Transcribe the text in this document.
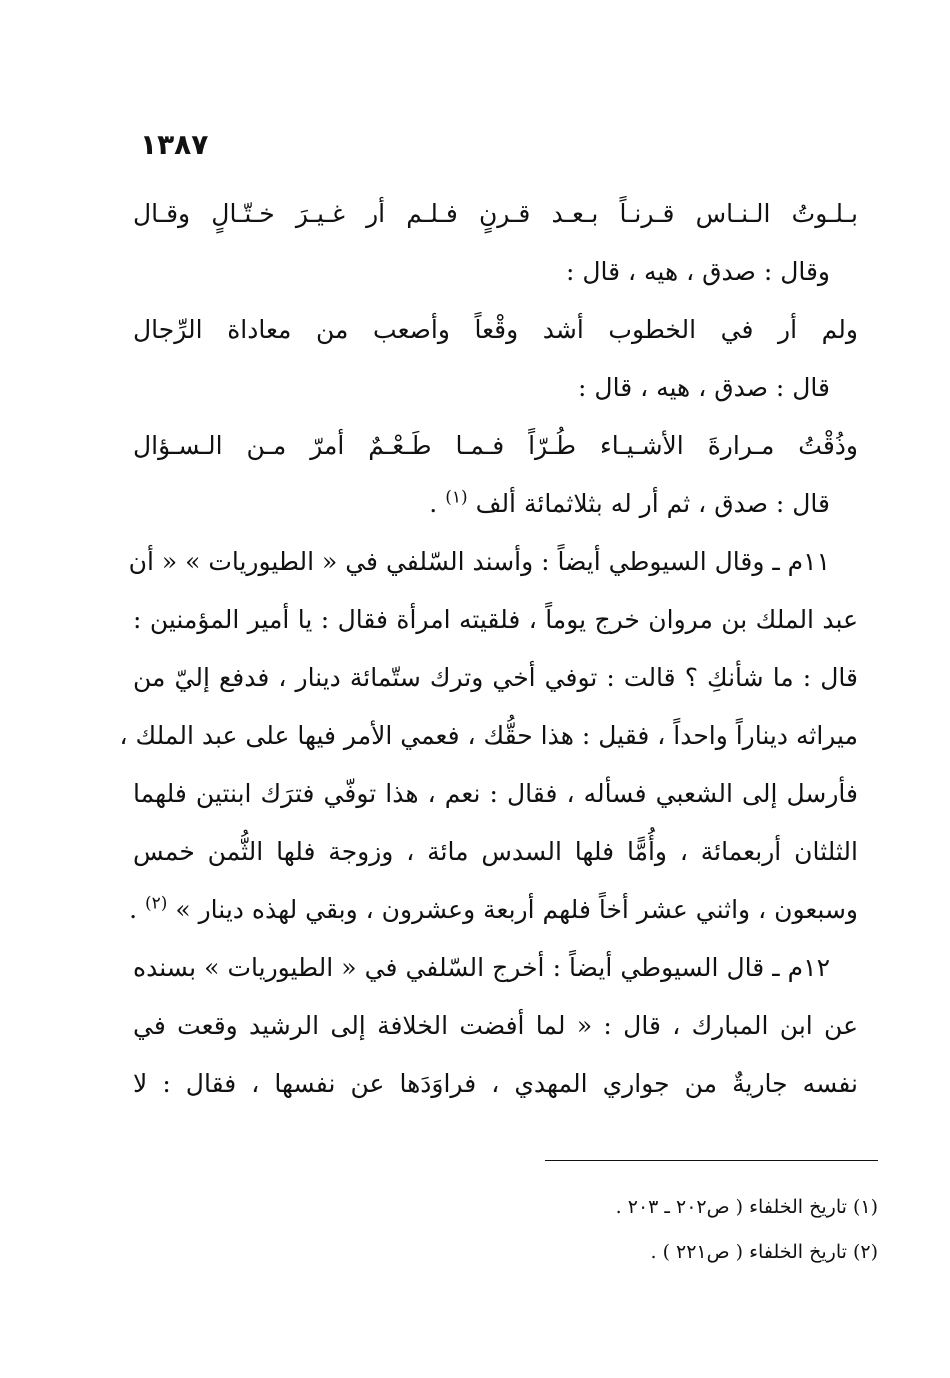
١٣٨٧
بـلـوتُ الـنـاس قـرنـاً بـعـد قـرنٍ فـلـم أر غـيـرَ خـتّـالٍ وقـال
وقال : صدق ، هيه ، قال :
ولم أر في الخطوب أشد وقْعاً وأصعب من معاداة الرِّجال
قال : صدق ، هيه ، قال :
وذُقْتُ مـرارةَ الأشـيـاء طُـرّاً فـمـا طَـعْـمٌ أمرّ مـن الـسـؤال
قال : صدق ، ثم أر له بثلاثمائة ألف $^{(١)}$ .
١١م ـ وقال السيوطي أيضاً : وأسند السّلفي في « الطيوريات » « أن
عبد الملك بن مروان خرج يوماً ، فلقيته امرأة فقال : يا أمير المؤمنين :
قال : ما شأنكِ ؟ قالت : توفي أخي وترك ستّمائة دينار ، فدفع إليّ من
ميراثه ديناراً واحداً ، فقيل : هذا حقُّك ، فعمي الأمر فيها على عبد الملك ،
فأرسل إلى الشعبي فسأله ، فقال : نعم ، هذا توفّي فترَك ابنتين فلهما
الثلثان أربعمائة ، وأُمًّا فلها السدس مائة ، وزوجة فلها الثُّمن خمس
وسبعون ، واثني عشر أخاً فلهم أربعة وعشرون ، وبقي لهذه دينار » $^{(٢)}$ .
١٢م ـ قال السيوطي أيضاً : أخرج السّلفي في « الطيوريات » بسنده
عن ابن المبارك ، قال : « لما أفضت الخلافة إلى الرشيد وقعت في
نفسه جاريةٌ من جواري المهدي ، فراوَدَها عن نفسها ، فقال : لا
(١) تاريخ الخلفاء ( ص٢٠٢ ـ ٢٠٣ .
(٢) تاريخ الخلفاء ( ص٢٢١ ) .
